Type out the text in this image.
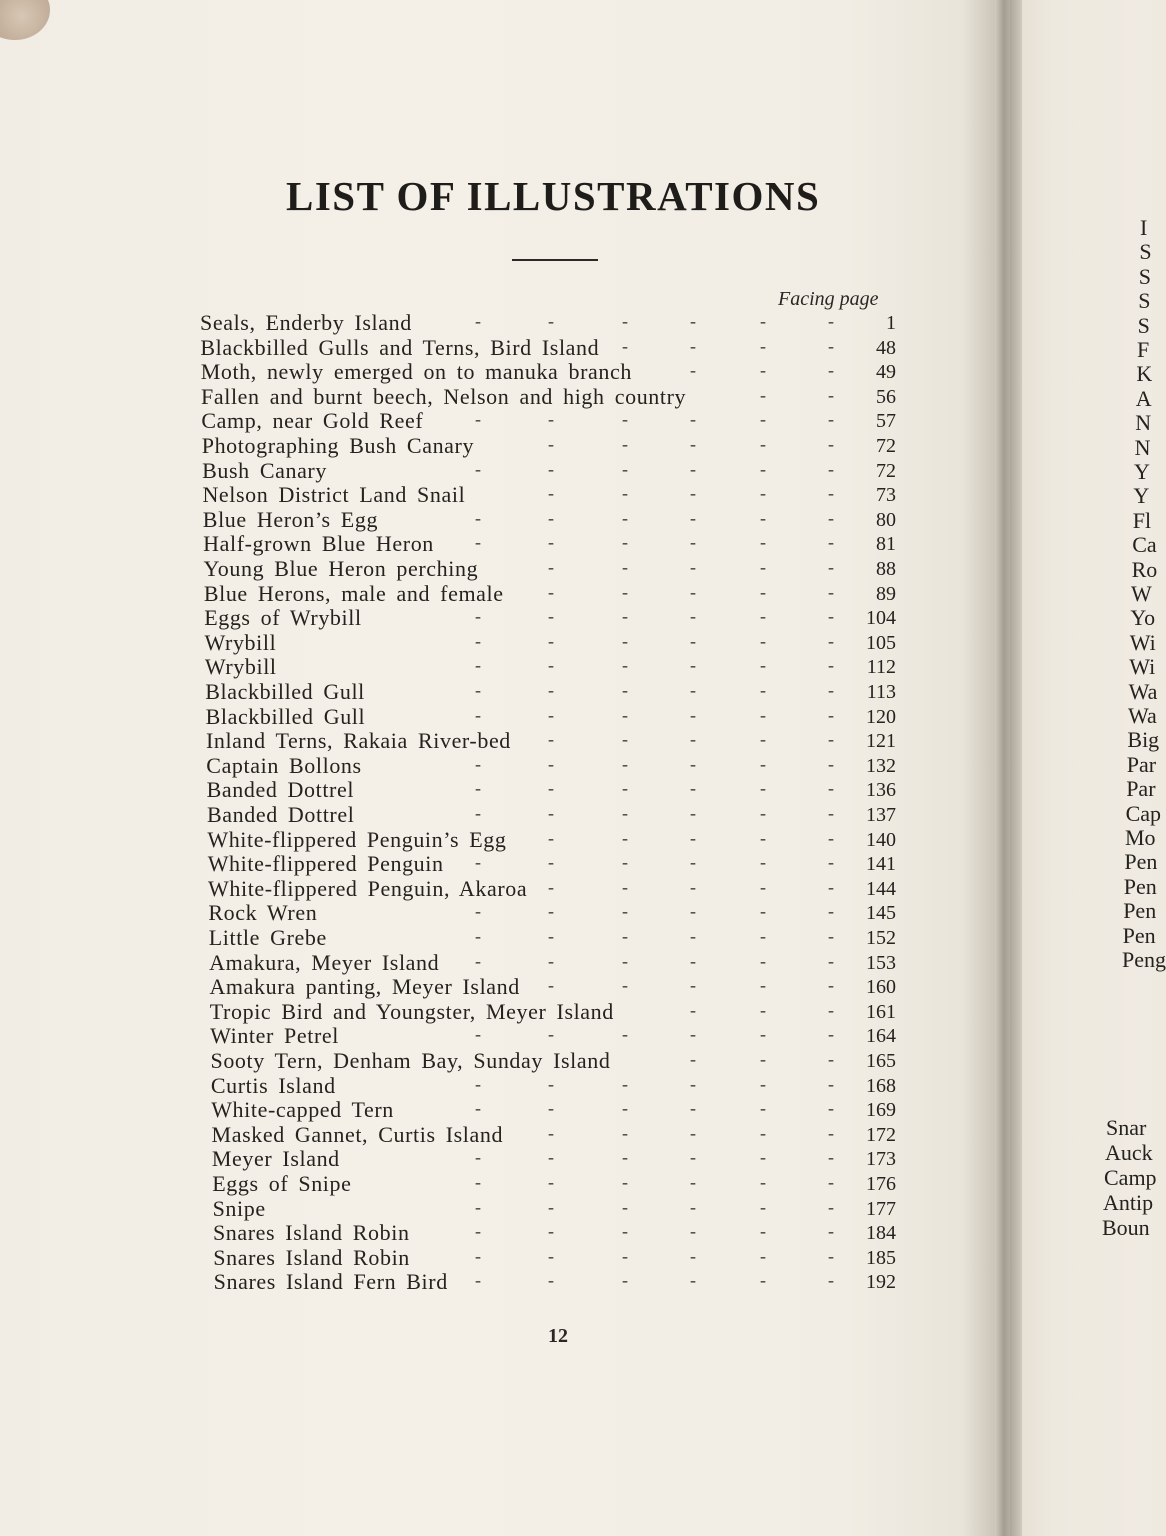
I
S
S
S
S
F
K
A
N
N
Y
Y
Fl
Ca
Ro
W
Yo
Wi
Wi
Wa
Wa
Big
Par
Par
Cap
Mo
Pen
Pen
Pen
Pen
Peng
Snar
Auck
Camp
Antip
Boun
LIST OF ILLUSTRATIONS
Facing page
Seals, Enderby Island	1
-	-	-	-	-	-
Blackbilled Gulls and Terns, Bird Island	48
-	-	-	-
Moth, newly emerged on to manuka branch	49
-	-	-
Fallen and burnt beech, Nelson and high country	56
-	-
Camp, near Gold Reef	57
-	-	-	-	-	-
Photographing Bush Canary	72
-	-	-	-	-
Bush Canary	72
-	-	-	-	-	-
Nelson District Land Snail	73
-	-	-	-	-
Blue Heron’s Egg	80
-	-	-	-	-	-
Half-grown Blue Heron	81
-	-	-	-	-	-
Young Blue Heron perching	88
-	-	-	-	-
Blue Herons, male and female	89
-	-	-	-	-
Eggs of Wrybill	104
-	-	-	-	-	-
Wrybill	105
-	-	-	-	-	-
Wrybill	112
-	-	-	-	-	-
Blackbilled Gull	113
-	-	-	-	-	-
Blackbilled Gull	120
-	-	-	-	-	-
Inland Terns, Rakaia River-bed	121
-	-	-	-	-
Captain Bollons	132
-	-	-	-	-	-
Banded Dottrel	136
-	-	-	-	-	-
Banded Dottrel	137
-	-	-	-	-	-
White-flippered Penguin’s Egg	140
-	-	-	-	-
White-flippered Penguin	141
-	-	-	-	-	-
White-flippered Penguin, Akaroa	144
-	-	-	-	-
Rock Wren	145
-	-	-	-	-	-
Little Grebe	152
-	-	-	-	-	-
Amakura, Meyer Island	153
-	-	-	-	-	-
Amakura panting, Meyer Island	160
-	-	-	-	-
Tropic Bird and Youngster, Meyer Island	161
-	-	-
Winter Petrel	164
-	-	-	-	-	-
Sooty Tern, Denham Bay, Sunday Island	165
-	-	-
Curtis Island	168
-	-	-	-	-	-
White-capped Tern	169
-	-	-	-	-	-
Masked Gannet, Curtis Island	172
-	-	-	-	-
Meyer Island	173
-	-	-	-	-	-
Eggs of Snipe	176
-	-	-	-	-	-
Snipe	177
-	-	-	-	-	-
Snares Island Robin	184
-	-	-	-	-	-
Snares Island Robin	185
-	-	-	-	-	-
Snares Island Fern Bird	192
-	-	-	-	-	-
12
